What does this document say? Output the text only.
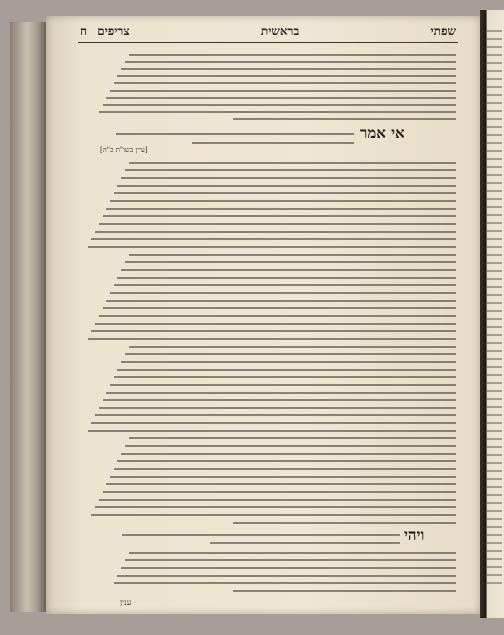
שפתי
בראשית
צריפים
ח
אי אמר
[עיין בשו"ת כ"ה]
ויהי
ענין
